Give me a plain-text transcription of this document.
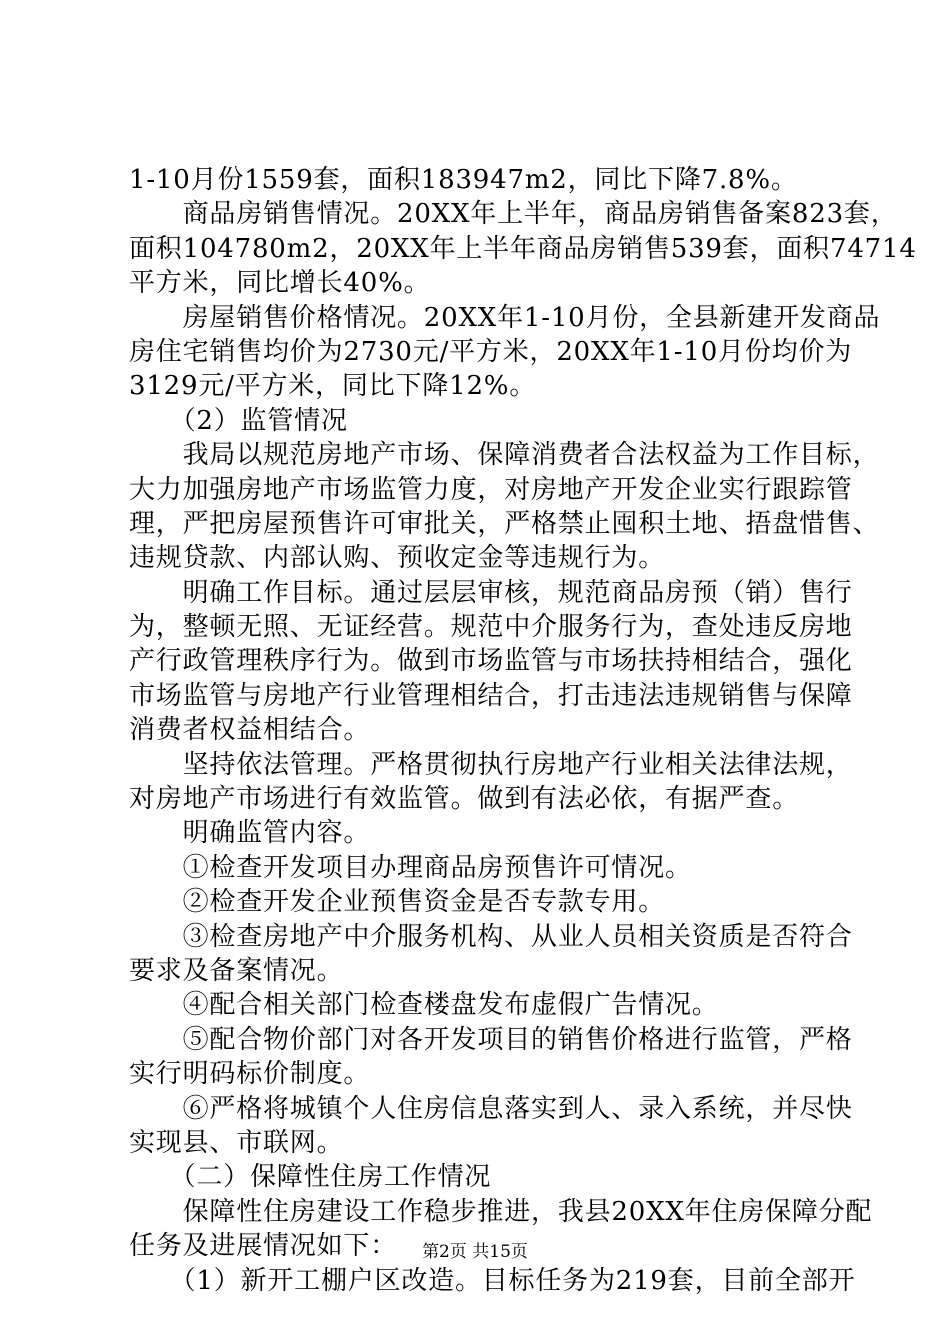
1-10月份1559套，面积183947m2，同比下降7.8%。
　　商品房销售情况。20XX年上半年，商品房销售备案823套，
面积104780m2，20XX年上半年商品房销售539套，面积74714
平方米，同比增长40%。
　　房屋销售价格情况。20XX年1-10月份，全县新建开发商品
房住宅销售均价为2730元/平方米，20XX年1-10月份均价为
3129元/平方米，同比下降12%。
　　（2）监管情况
　　我局以规范房地产市场、保障消费者合法权益为工作目标，
大力加强房地产市场监管力度，对房地产开发企业实行跟踪管
理，严把房屋预售许可审批关，严格禁止囤积土地、捂盘惜售、
违规贷款、内部认购、预收定金等违规行为。
　　明确工作目标。通过层层审核，规范商品房预（销）售行
为，整顿无照、无证经营。规范中介服务行为，查处违反房地
产行政管理秩序行为。做到市场监管与市场扶持相结合，强化
市场监管与房地产行业管理相结合，打击违法违规销售与保障
消费者权益相结合。
　　坚持依法管理。严格贯彻执行房地产行业相关法律法规，
对房地产市场进行有效监管。做到有法必依，有据严查。
　　明确监管内容。
　　①检查开发项目办理商品房预售许可情况。
　　②检查开发企业预售资金是否专款专用。
　　③检查房地产中介服务机构、从业人员相关资质是否符合
要求及备案情况。
　　④配合相关部门检查楼盘发布虚假广告情况。
　　⑤配合物价部门对各开发项目的销售价格进行监管，严格
实行明码标价制度。
　　⑥严格将城镇个人住房信息落实到人、录入系统，并尽快
实现县、市联网。
　　（二）保障性住房工作情况
　　保障性住房建设工作稳步推进，我县20XX年住房保障分配
任务及进展情况如下：
　　（1）新开工棚户区改造。目标任务为219套，目前全部开
第2页 共15页
